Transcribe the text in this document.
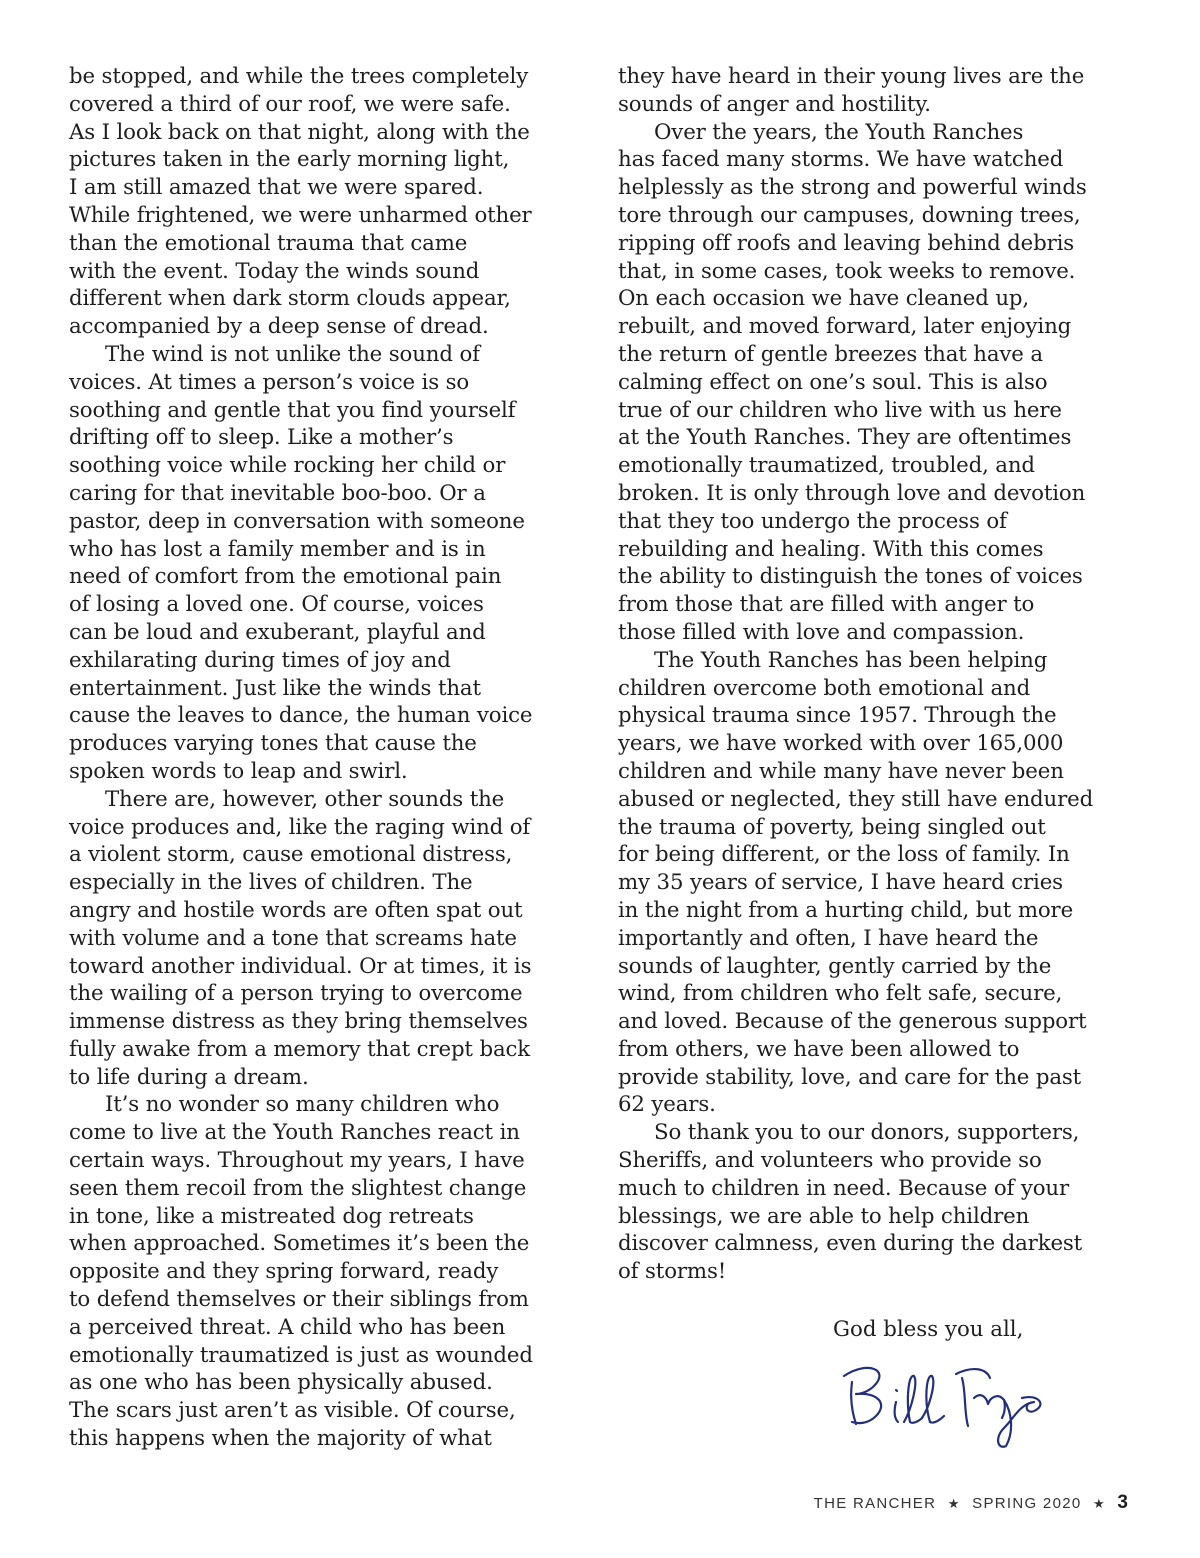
be stopped, and while the trees completely
covered a third of our roof, we were safe.
As I look back on that night, along with the
pictures taken in the early morning light,
I am still amazed that we were spared.
While frightened, we were unharmed other
than the emotional trauma that came
with the event. Today the winds sound
different when dark storm clouds appear,
accompanied by a deep sense of dread.
The wind is not unlike the sound of
voices. At times a person’s voice is so
soothing and gentle that you find yourself
drifting off to sleep. Like a mother’s
soothing voice while rocking her child or
caring for that inevitable boo-boo. Or a
pastor, deep in conversation with someone
who has lost a family member and is in
need of comfort from the emotional pain
of losing a loved one. Of course, voices
can be loud and exuberant, playful and
exhilarating during times of joy and
entertainment. Just like the winds that
cause the leaves to dance, the human voice
produces varying tones that cause the
spoken words to leap and swirl.
There are, however, other sounds the
voice produces and, like the raging wind of
a violent storm, cause emotional distress,
especially in the lives of children. The
angry and hostile words are often spat out
with volume and a tone that screams hate
toward another individual. Or at times, it is
the wailing of a person trying to overcome
immense distress as they bring themselves
fully awake from a memory that crept back
to life during a dream.
It’s no wonder so many children who
come to live at the Youth Ranches react in
certain ways. Throughout my years, I have
seen them recoil from the slightest change
in tone, like a mistreated dog retreats
when approached. Sometimes it’s been the
opposite and they spring forward, ready
to defend themselves or their siblings from
a perceived threat. A child who has been
emotionally traumatized is just as wounded
as one who has been physically abused.
The scars just aren’t as visible. Of course,
this happens when the majority of what
they have heard in their young lives are the
sounds of anger and hostility.
Over the years, the Youth Ranches
has faced many storms. We have watched
helplessly as the strong and powerful winds
tore through our campuses, downing trees,
ripping off roofs and leaving behind debris
that, in some cases, took weeks to remove.
On each occasion we have cleaned up,
rebuilt, and moved forward, later enjoying
the return of gentle breezes that have a
calming effect on one’s soul. This is also
true of our children who live with us here
at the Youth Ranches. They are oftentimes
emotionally traumatized, troubled, and
broken. It is only through love and devotion
that they too undergo the process of
rebuilding and healing. With this comes
the ability to distinguish the tones of voices
from those that are filled with anger to
those filled with love and compassion.
The Youth Ranches has been helping
children overcome both emotional and
physical trauma since 1957. Through the
years, we have worked with over 165,000
children and while many have never been
abused or neglected, they still have endured
the trauma of poverty, being singled out
for being different, or the loss of family. In
my 35 years of service, I have heard cries
in the night from a hurting child, but more
importantly and often, I have heard the
sounds of laughter, gently carried by the
wind, from children who felt safe, secure,
and loved. Because of the generous support
from others, we have been allowed to
provide stability, love, and care for the past
62 years.
So thank you to our donors, supporters,
Sheriffs, and volunteers who provide so
much to children in need. Because of your
blessings, we are able to help children
discover calmness, even during the darkest
of storms!
God bless you all,
THE RANCHER ★ SPRING 2020 ★ 3
